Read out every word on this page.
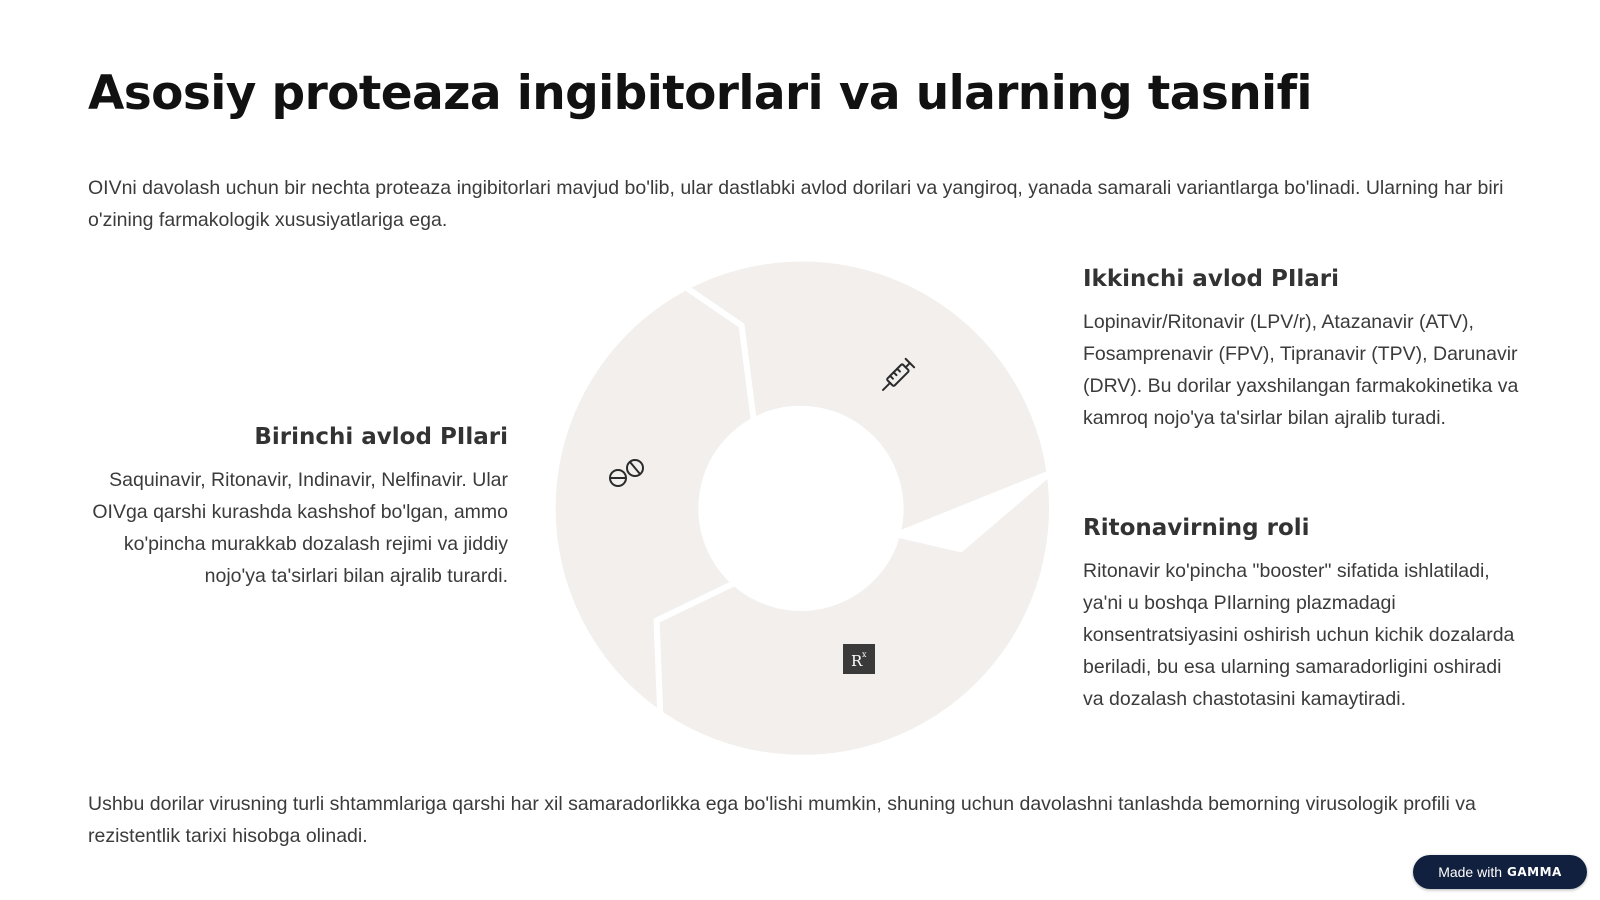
Asosiy proteaza ingibitorlari va ularning tasnifi

OIVni davolash uchun bir nechta proteaza ingibitorlari mavjud bo'lib, ular dastlabki avlod dorilari va yangiroq, yanada samarali variantlarga bo'linadi. Ularning har biri o'zining farmakologik xususiyatlariga ega.

Birinchi avlod PIlari

Saquinavir, Ritonavir, Indinavir, Nelfinavir. Ular OIVga qarshi kurashda kashshof bo'lgan, ammo ko'pincha murakkab dozalash rejimi va jiddiy nojo'ya ta'sirlari bilan ajralib turardi.

R x
Ikkinchi avlod PIlari

Lopinavir/Ritonavir (LPV/r), Atazanavir (ATV), Fosamprenavir (FPV), Tipranavir (TPV), Darunavir (DRV). Bu dorilar yaxshilangan farmakokinetika va kamroq nojo'ya ta'sirlar bilan ajralib turadi.

Ritonavirning roli

Ritonavir ko'pincha "booster" sifatida ishlatiladi, ya'ni u boshqa PIlarning plazmadagi konsentratsiyasini oshirish uchun kichik dozalarda beriladi, bu esa ularning samaradorligini oshiradi va dozalash chastotasini kamaytiradi.

Ushbu dorilar virusning turli shtammlariga qarshi har xil samaradorlikka ega bo'lishi mumkin, shuning uchun davolashni tanlashda bemorning virusologik profili va rezistentlik tarixi hisobga olinadi.

Made with GAMMA
